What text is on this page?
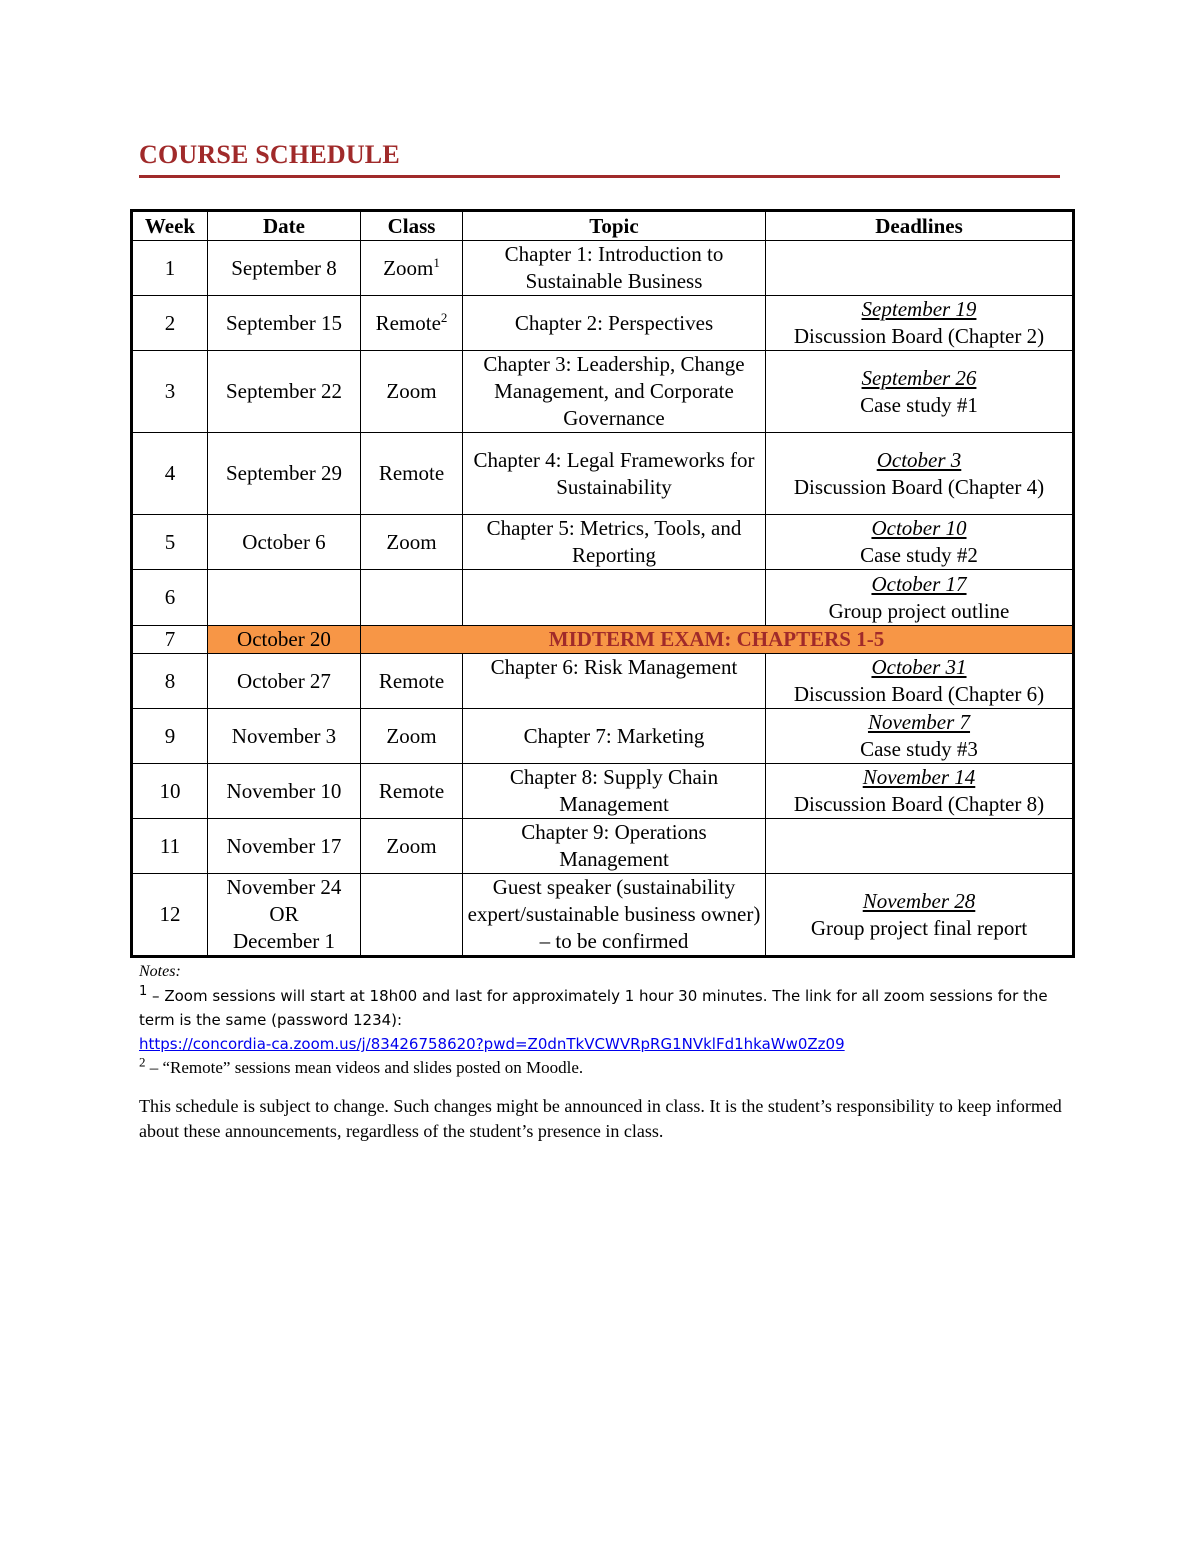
COURSE SCHEDULE
Week	Date	Class	Topic	Deadlines
1	September 8	Zoom$^1$	Chapter 1: Introduction to Sustainable Business	
2	September 15	Remote$^2$	Chapter 2: Perspectives	September 19
Discussion Board (Chapter 2)

3	September 22	Zoom	Chapter 3: Leadership, Change Management, and Corporate Governance	September 26
Case study #1

4	September 29	Remote	Chapter 4: Legal Frameworks for Sustainability	October 3
Discussion Board (Chapter 4)

5	October 6	Zoom	Chapter 5: Metrics, Tools, and Reporting	October 10
Case study #2

6				October 17
Group project outline

7	October 20	MIDTERM EXAM: CHAPTERS 1-5		
8	October 27	Remote	Chapter 6: Risk Management	October 31
Discussion Board (Chapter 6)

9	November 3	Zoom	Chapter 7: Marketing	November 7
Case study #3

10	November 10	Remote	Chapter 8: Supply Chain Management	November 14
Discussion Board (Chapter 8)

11	November 17	Zoom	Chapter 9: Operations Management	
12	November 24
OR
December 1		Guest speaker (sustainability expert/sustainable business owner) – to be confirmed	November 28
Group project final report
Notes:
$^1$ – Zoom sessions will start at 18h00 and last for approximately 1 hour 30 minutes. The link for all zoom sessions for the term is the same (password 1234):
https://concordia-ca.zoom.us/j/83426758620?pwd=Z0dnTkVCWVRpRG1NVklFd1hkaWw0Zz09
$^2$ – “Remote” sessions mean videos and slides posted on Moodle.
This schedule is subject to change. Such changes might be announced in class. It is the student’s responsibility to keep informed about these announcements, regardless of the student’s presence in class.
